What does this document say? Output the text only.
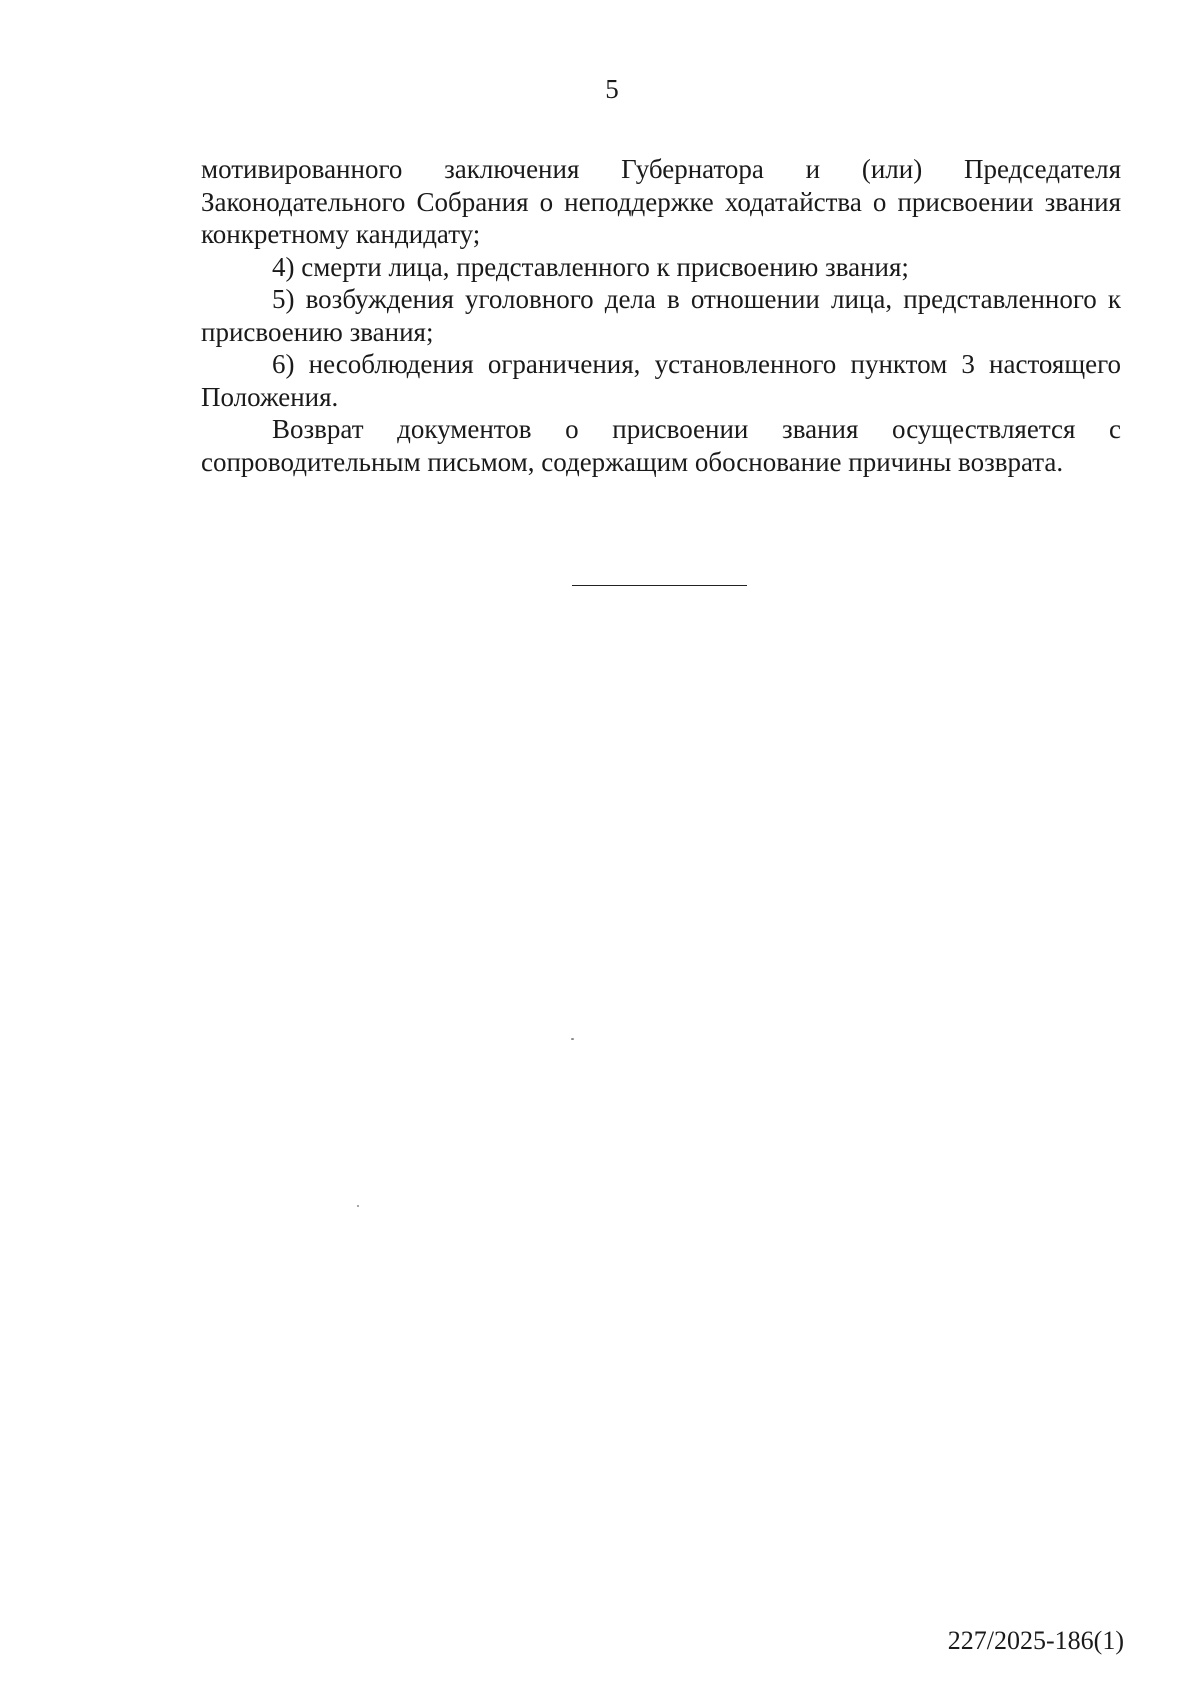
5

мотивированного заключения Губернатора и (или) Председателя Законодательного Собрания о неподдержке ходатайства о присвоении звания конкретному кандидату;

4) смерти лица, представленного к присвоению звания;

5) возбуждения уголовного дела в отношении лица, представленного к присвоению звания;

6) несоблюдения ограничения, установленного пунктом 3 настоящего Положения.

Возврат документов о присвоении звания осуществляется с сопроводительным письмом, содержащим обоснование причины возврата.

227/2025-186(1)
